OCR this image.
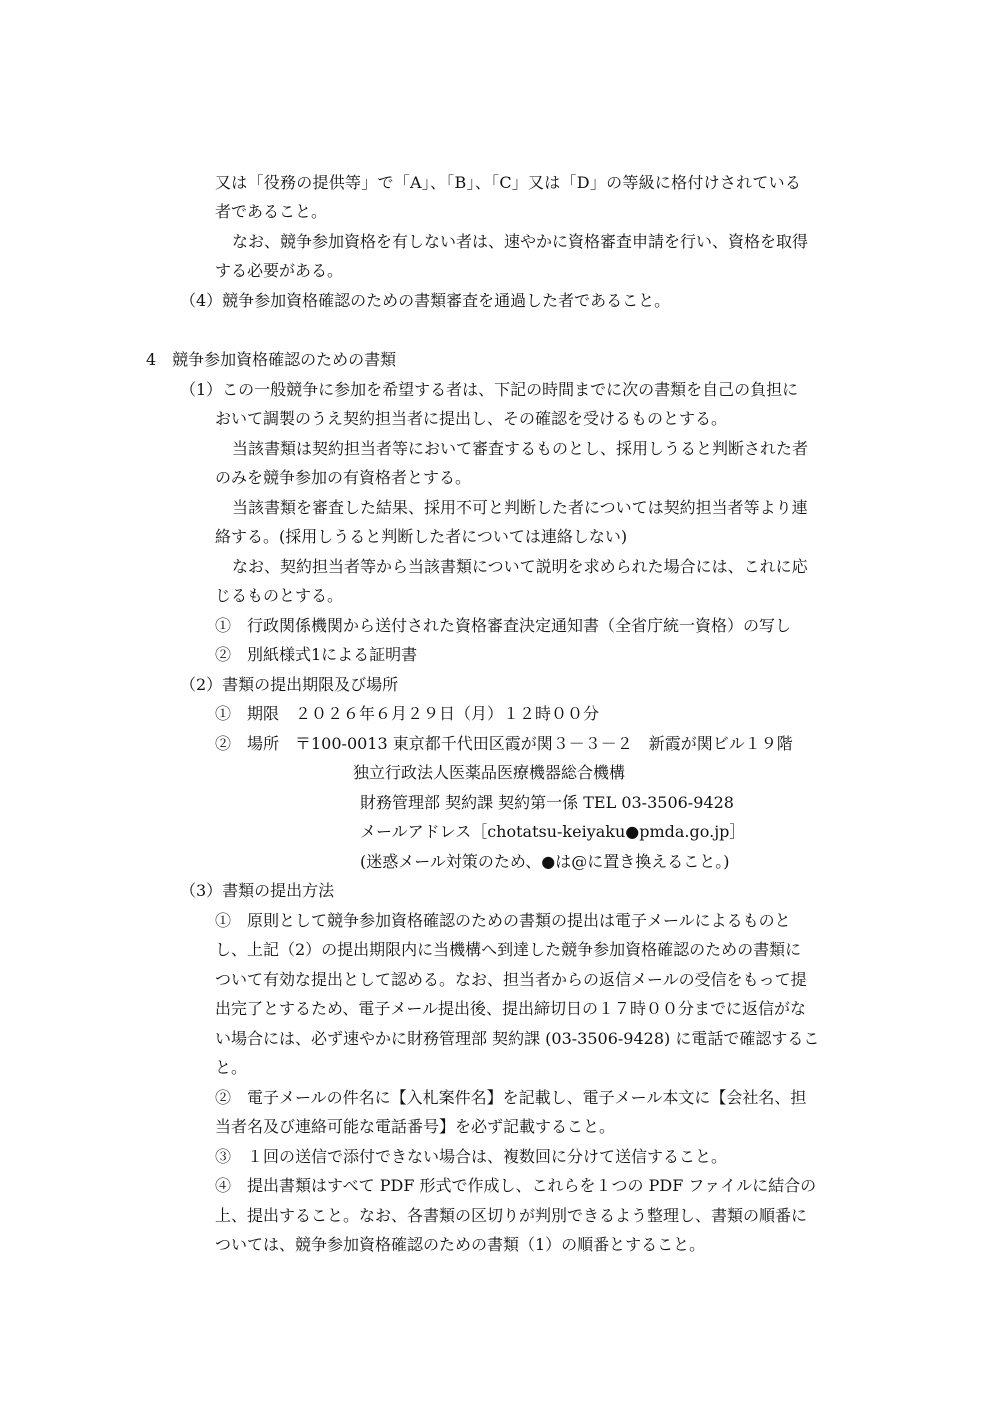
又は「役務の提供等」で「A」、「B」、「C」又は「D」の等級に格付けされている
者であること。
なお、競争参加資格を有しない者は、速やかに資格審査申請を行い、資格を取得
する必要がある。
（4）競争参加資格確認のための書類審査を通過した者であること。
4　競争参加資格確認のための書類
（1）この一般競争に参加を希望する者は、下記の時間までに次の書類を自己の負担に
おいて調製のうえ契約担当者に提出し、その確認を受けるものとする。
当該書類は契約担当者等において審査するものとし、採用しうると判断された者
のみを競争参加の有資格者とする。
当該書類を審査した結果、採用不可と判断した者については契約担当者等より連
絡する。(採用しうると判断した者については連絡しない)
なお、契約担当者等から当該書類について説明を求められた場合には、これに応
じるものとする。
①　行政関係機関から送付された資格審査決定通知書（全省庁統一資格）の写し
②　別紙様式1による証明書
（2）書類の提出期限及び場所
①　期限　２０２６年６月２９日（月）１２時００分
②　場所　〒100-0013 東京都千代田区霞が関３－３－２　新霞が関ビル１９階
独立行政法人医薬品医療機器総合機構
財務管理部 契約課 契約第一係 TEL 03-3506-9428
メールアドレス［chotatsu-keiyaku●pmda.go.jp］
(迷惑メール対策のため、●は@に置き換えること。)
（3）書類の提出方法
①　原則として競争参加資格確認のための書類の提出は電子メールによるものと
し、上記（2）の提出期限内に当機構へ到達した競争参加資格確認のための書類に
ついて有効な提出として認める。なお、担当者からの返信メールの受信をもって提
出完了とするため、電子メール提出後、提出締切日の１７時００分までに返信がな
い場合には、必ず速やかに財務管理部 契約課 (03-3506-9428) に電話で確認するこ
と。
②　電子メールの件名に【入札案件名】を記載し、電子メール本文に【会社名、担
当者名及び連絡可能な電話番号】を必ず記載すること。
③　１回の送信で添付できない場合は、複数回に分けて送信すること。
④　提出書類はすべて PDF 形式で作成し、これらを１つの PDF ファイルに結合の
上、提出すること。なお、各書類の区切りが判別できるよう整理し、書類の順番に
ついては、競争参加資格確認のための書類（1）の順番とすること。
